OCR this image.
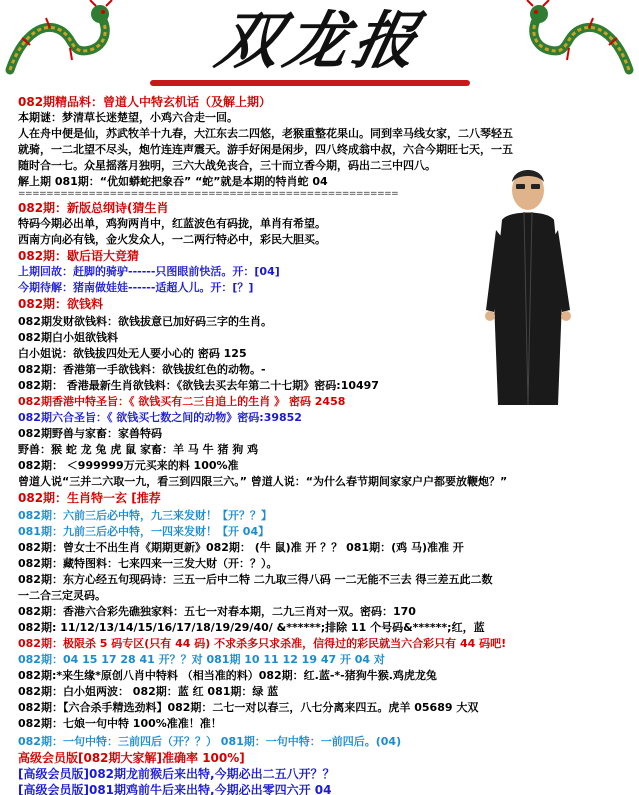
双龙报
======================================================
082期精品料：曾道人中特玄机话（及解上期）
本期谜：梦清草长迷楚望，小鸡六合走一回。
人在舟中便是仙，苏武牧羊十九春，大江东去二四悠，老猴重整花果山。同到幸马线女家，二八琴轻五
就骑，一二北望不尽头，炮竹连连声震天。游手好闲是闲步，四八终成翁中叔，六合今期旺七天，一五
随时合一七。众星摇落月独明，三六大战免丧合，三十而立香今期，码出二三中四八。
解上期 081期：“优如蟒蛇把象吞” “蛇”就是本期的特肖蛇 04
082期：新版总纲诗(猜生肖
特码今期必出单，鸡狗两肖中，红蓝波色有码拢，单肖有希望。
西南方向必有钱，金火发众人，一二两行特必中，彩民大胆买。
082期：歇后语大竞猜
上期回故：赶脚的骑驴------只图眼前快活。开：[04]
今期待解：猪南做娃娃------适超人儿。开：[？]
082期：欲钱料
082期发财欲钱料：欲钱拔意已加好码三字的生肖。
082期白小姐欲钱料
白小姐说：欲钱拔四处无人要小心的 密码 125
082期：香港第一手欲钱料：欲钱拔红色的动物。-
082期： 香港最新生肖欲钱料：《欲钱去买去年第二十七期》密码:10497
082期香港中特圣旨：《 欲钱买有二三自追上的生肖 》 密码 2458
082期六合圣旨：《 欲钱买七数之间的动物》密码:39852
082期野兽与家畜：家兽特码
野兽：猴 蛇 龙 兔 虎 鼠 家畜：羊 马 牛 猪 狗 鸡
082期： ＜999999万元买来的料 100%准
曾道人说“三并二六取一九，看三到四限三六。” 曾道人说：“为什么春节期间家家户户都要放鞭炮？”
082期：生肖特一玄 [推荐
082期：六前三后必中特，九三来发财！【开？？】
081期：九前三后必中特，一四来发财！【开 04】
082期：曾女士不出生肖《期期更新》082期： (牛 鼠)准 开 ？？ 081期：(鸡 马)准准 开
082期：藏特图料：七来四来一三发大财（开：？）。
082期：东方心经五句现码诗：三五一后中二特 二九取三得八码 一二无能不三去 得三差五此二数
一二合三定灵码。
082期：香港六合彩先礁独家料：五七一对春本期，二九三肖对一双。密码：170
082期: 11/12/13/14/15/16/17/18/19/29/40/ &******;排除 11 个号码&******;红，蓝
082期：极限杀 5 码专区(只有 44 码) 不求杀多只求杀准，信得过的彩民就当六合彩只有 44 码吧!
082期：04 15 17 28 41 开？？对 081期 10 11 12 19 47 开 04 对
082期:*来生缘*原创八肖中特料 （相当准的料）082期：红.蓝-*-猪狗牛猴.鸡虎龙兔
082期：白小姐两波： 082期：蓝 红 081期：绿 蓝
082期：【六合杀手精选劲料】082期：二七一对以春三，八七分离来四五。虎羊 05689 大双
082期：七娘一句中特 100%准准！准！
082期：一句中特：三前四后（开？？） 081期：一句中特：一前四后。(04)
高级会员版[082期大家解]准确率 100%]
[高级会员版]082期龙前猴后来出特,今期必出二五八开？？
[高级会员版]081期鸡前牛后来出特,今期必出零四六开 04
